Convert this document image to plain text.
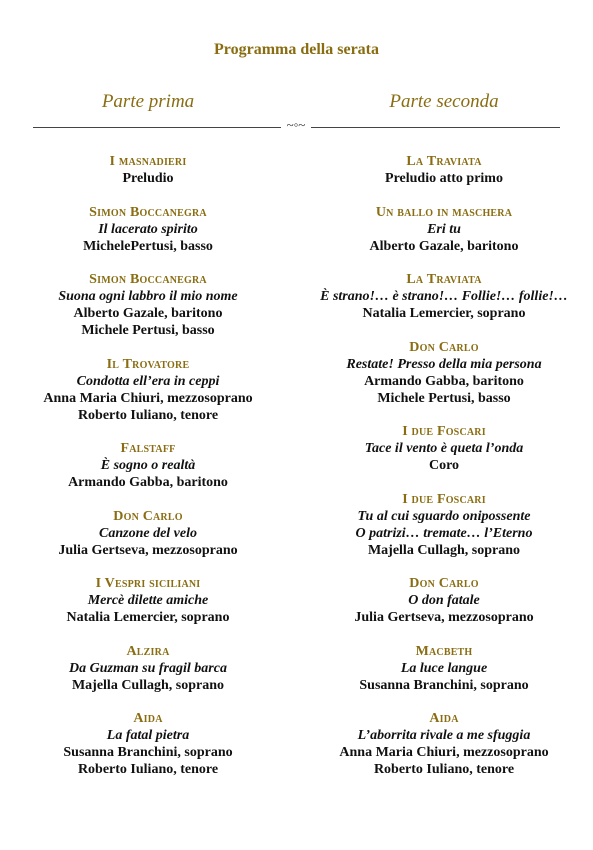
Programma della serata
Parte prima	Parte seconda
~◦~
I masnadieri
Preludio
Simon Boccanegra
Il lacerato spirito
MichelePertusi, basso
Simon Boccanegra
Suona ogni labbro il mio nome
Alberto Gazale, baritono
Michele Pertusi, basso
Il Trovatore
Condotta ell’era in ceppi
Anna Maria Chiuri, mezzosoprano
Roberto Iuliano, tenore
Falstaff
È sogno o realtà
Armando Gabba, baritono
Don Carlo
Canzone del velo
Julia Gertseva, mezzosoprano
I Vespri siciliani
Mercè dilette amiche
Natalia Lemercier, soprano
Alzira
Da Guzman su fragil barca
Majella Cullagh, soprano
Aida
La fatal pietra
Susanna Branchini, soprano
Roberto Iuliano, tenore
La Traviata
Preludio atto primo
Un ballo in maschera
Eri tu
Alberto Gazale, baritono
La Traviata
È strano!… è strano!… Follie!… follie!…
Natalia Lemercier, soprano
Don Carlo
Restate! Presso della mia persona
Armando Gabba, baritono
Michele Pertusi, basso
I due Foscari
Tace il vento è queta l’onda
Coro
I due Foscari
Tu al cui sguardo onipossente
O patrizi… tremate… l’Eterno
Majella Cullagh, soprano
Don Carlo
O don fatale
Julia Gertseva, mezzosoprano
Macbeth
La luce langue
Susanna Branchini, soprano
Aida
L’aborrita rivale a me sfuggia
Anna Maria Chiuri, mezzosoprano
Roberto Iuliano, tenore
